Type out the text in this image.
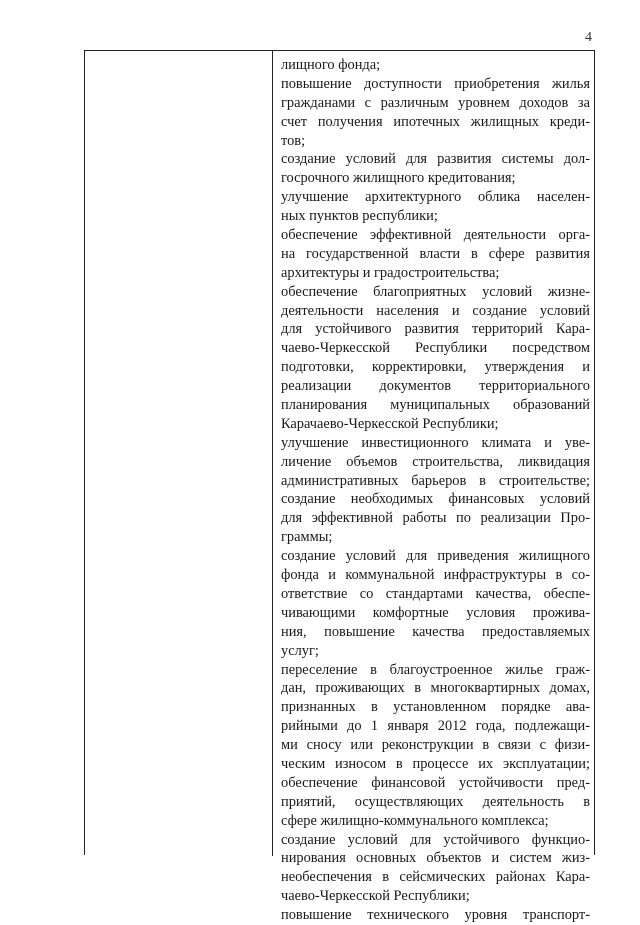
4
лищного фонда;
повышение доступности приобретения жилья
гражданами с различным уровнем доходов за
счет получения ипотечных жилищных креди-
тов;
создание условий для развития системы дол-
госрочного жилищного кредитования;
улучшение архитектурного облика населен-
ных пунктов республики;
обеспечение эффективной деятельности орга-
на государственной власти в сфере развития
архитектуры и градостроительства;
обеспечение благоприятных условий жизне-
деятельности населения и создание условий
для устойчивого развития территорий Кара-
чаево-Черкесской Республики посредством
подготовки, корректировки, утверждения и
реализации документов территориального
планирования муниципальных образований
Карачаево-Черкесской Республики;
улучшение инвестиционного климата и уве-
личение объемов строительства, ликвидация
административных барьеров в строительстве;
создание необходимых финансовых условий
для эффективной работы по реализации Про-
граммы;
создание условий для приведения жилищного
фонда и коммунальной инфраструктуры в со-
ответствие со стандартами качества, обеспе-
чивающими комфортные условия прожива-
ния, повышение качества предоставляемых
услуг;
переселение в благоустроенное жилье граж-
дан, проживающих в многоквартирных домах,
признанных в установленном порядке ава-
рийными до 1 января 2012 года, подлежащи-
ми сносу или реконструкции в связи с физи-
ческим износом в процессе их эксплуатации;
обеспечение финансовой устойчивости пред-
приятий, осуществляющих деятельность в
сфере жилищно-коммунального комплекса;
создание условий для устойчивого функцио-
нирования основных объектов и систем жиз-
необеспечения в сейсмических районах Кара-
чаево-Черкесской Республики;
повышение технического уровня транспорт-
